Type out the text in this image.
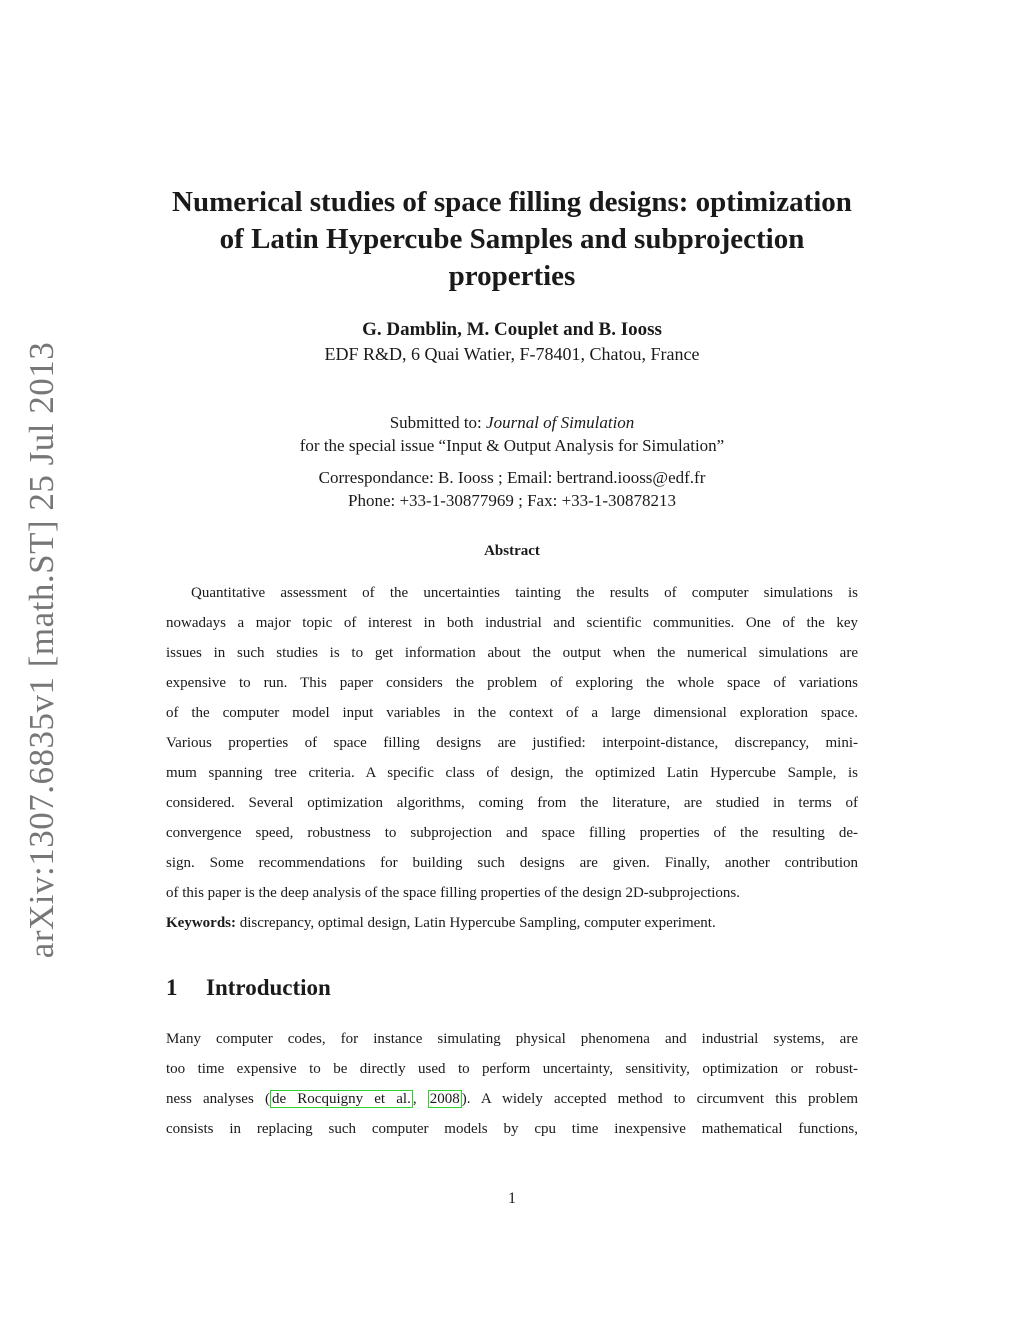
arXiv:1307.6835v1 [math.ST] 25 Jul 2013
Numerical studies of space filling designs: optimization
of Latin Hypercube Samples and subprojection
properties
G. Damblin, M. Couplet and B. Iooss
EDF R&D, 6 Quai Watier, F-78401, Chatou, France
Submitted to: Journal of Simulation
for the special issue “Input & Output Analysis for Simulation”
Correspondance: B. Iooss ; Email: bertrand.iooss@edf.fr
Phone: +33-1-30877969 ; Fax: +33-1-30878213
Abstract
Quantitative assessment of the uncertainties tainting the results of computer simulations is
nowadays a major topic of interest in both industrial and scientific communities. One of the key
issues in such studies is to get information about the output when the numerical simulations are
expensive to run. This paper considers the problem of exploring the whole space of variations
of the computer model input variables in the context of a large dimensional exploration space.
Various properties of space filling designs are justified: interpoint-distance, discrepancy, mini-
mum spanning tree criteria. A specific class of design, the optimized Latin Hypercube Sample, is
considered. Several optimization algorithms, coming from the literature, are studied in terms of
convergence speed, robustness to subprojection and space filling properties of the resulting de-
sign. Some recommendations for building such designs are given. Finally, another contribution
of this paper is the deep analysis of the space filling properties of the design 2D-subprojections.
Keywords: discrepancy, optimal design, Latin Hypercube Sampling, computer experiment.
1 Introduction
Many computer codes, for instance simulating physical phenomena and industrial systems, are
too time expensive to be directly used to perform uncertainty, sensitivity, optimization or robust-
ness analyses ( de Rocquigny et al. , 2008 ). A widely accepted method to circumvent this problem
consists in replacing such computer models by cpu time inexpensive mathematical functions,
1
